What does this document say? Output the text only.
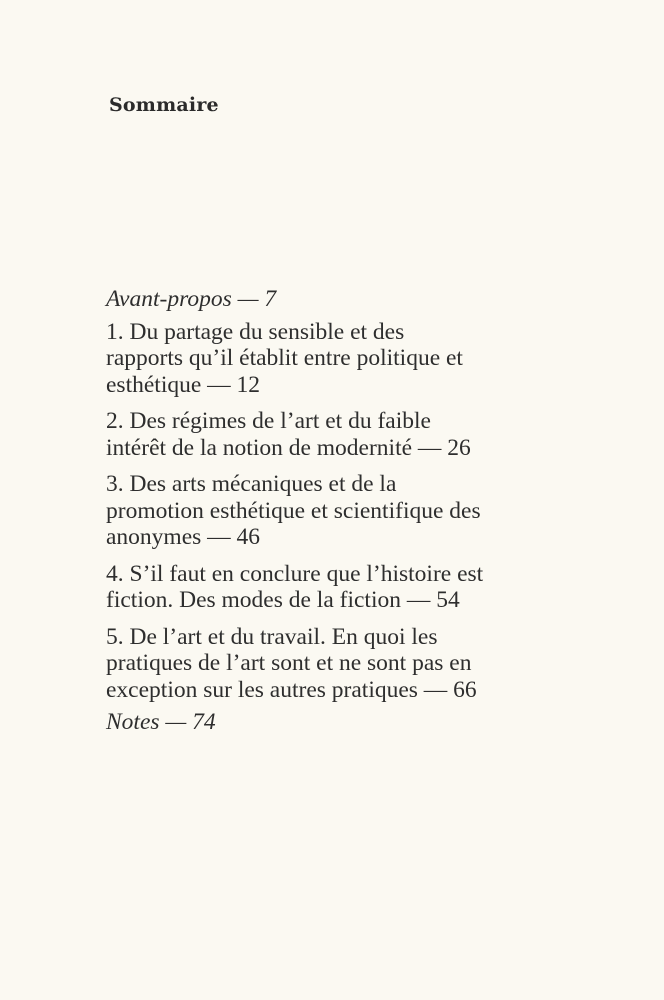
Sommaire
Avant-propos — 7
1. Du partage du sensible et des
rapports qu’il établit entre politique et
esthétique — 12
2. Des régimes de l’art et du faible
intérêt de la notion de modernité — 26
3. Des arts mécaniques et de la
promotion esthétique et scientifique des
anonymes — 46
4. S’il faut en conclure que l’histoire est
fiction. Des modes de la fiction — 54
5. De l’art et du travail. En quoi les
pratiques de l’art sont et ne sont pas en
exception sur les autres pratiques — 66
Notes — 74
